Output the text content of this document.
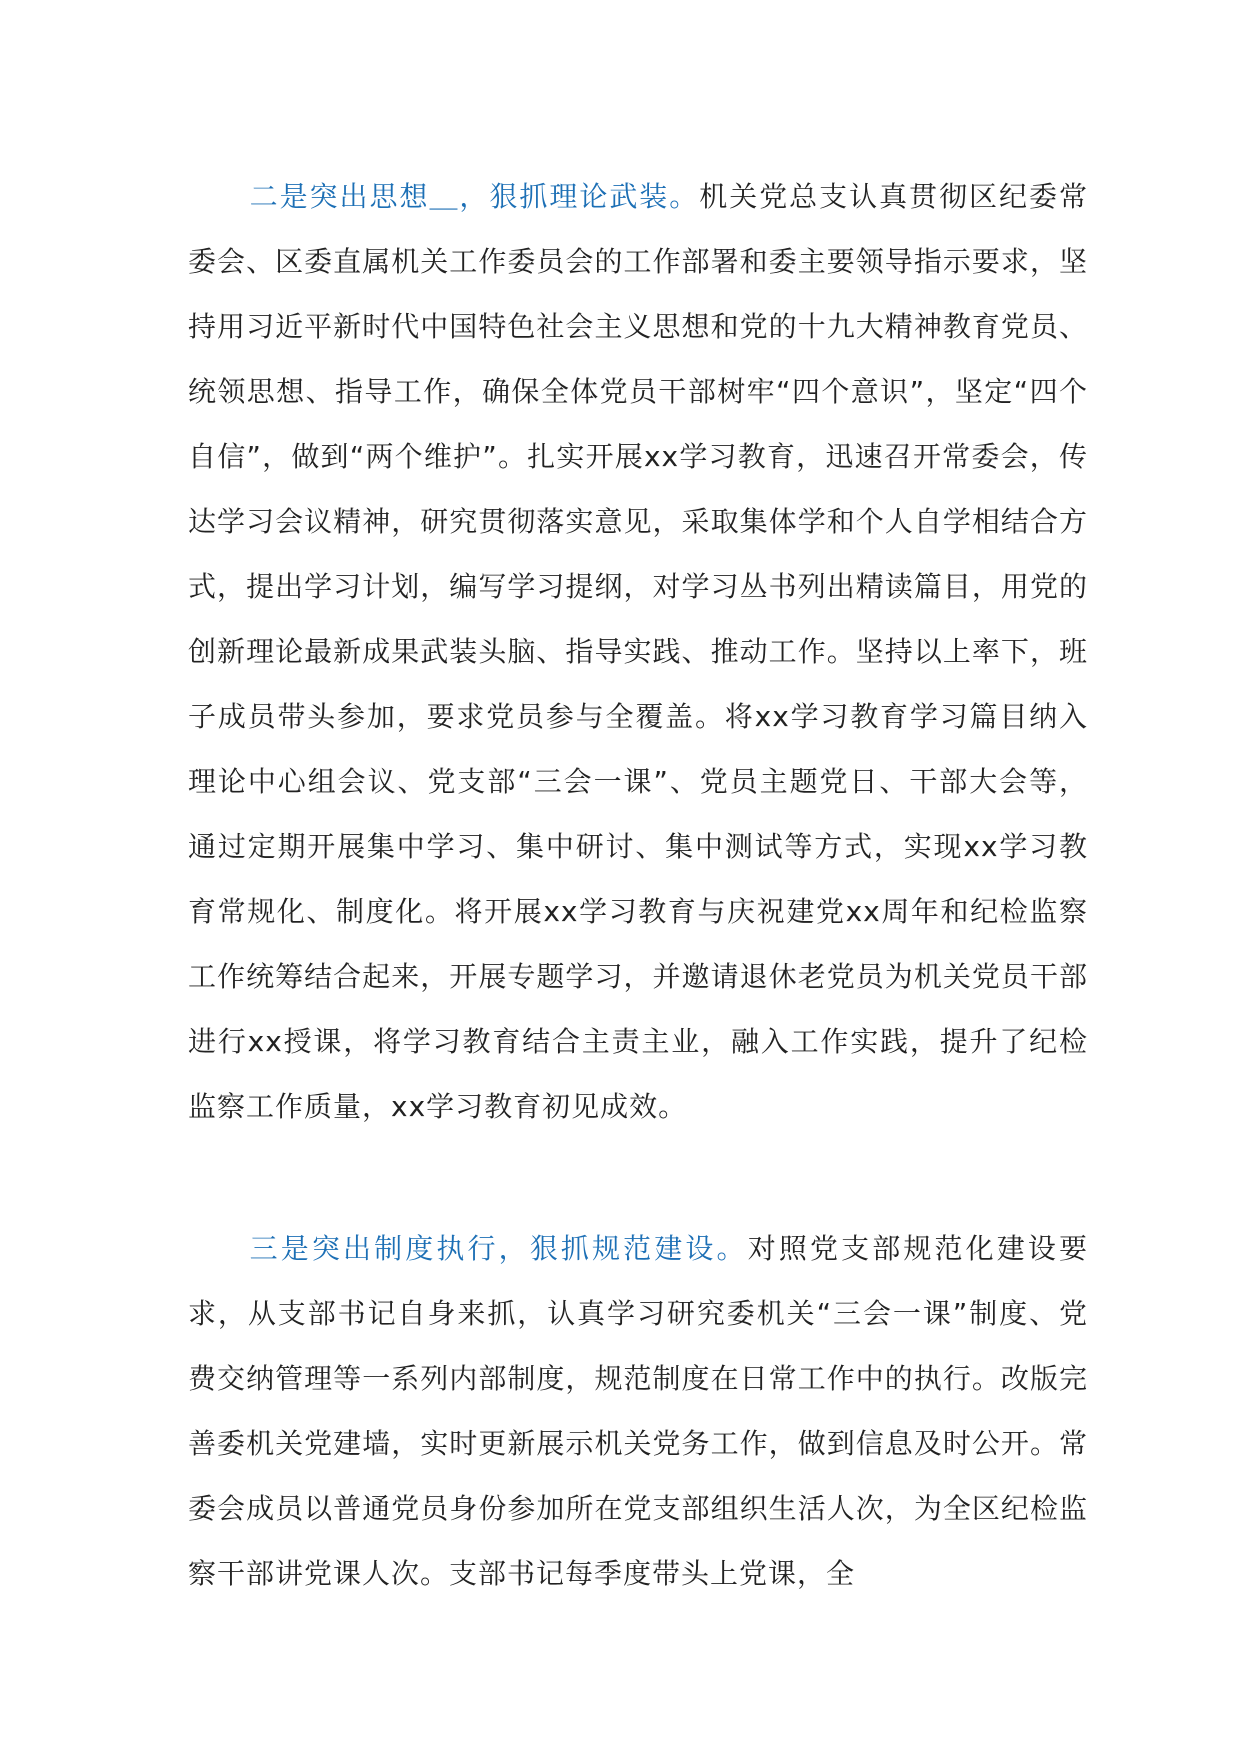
二是突出思想＿，狠抓理论武装。机关党总支认真贯彻区纪委常委会、区委直属机关工作委员会的工作部署和委主要领导指示要求，坚持用习近平新时代中国特色社会主义思想和党的十九大精神教育党员、统领思想、指导工作，确保全体党员干部树牢“四个意识”，坚定“四个自信”，做到“两个维护”。扎实开展xx学习教育，迅速召开常委会，传达学习会议精神，研究贯彻落实意见，采取集体学和个人自学相结合方式，提出学习计划，编写学习提纲，对学习丛书列出精读篇目，用党的创新理论最新成果武装头脑、指导实践、推动工作。坚持以上率下，班子成员带头参加，要求党员参与全覆盖。将xx学习教育学习篇目纳入理论中心组会议、党支部“三会一课”、党员主题党日、干部大会等，通过定期开展集中学习、集中研讨、集中测试等方式，实现xx学习教育常规化、制度化。将开展xx学习教育与庆祝建党xx周年和纪检监察工作统筹结合起来，开展专题学习，并邀请退休老党员为机关党员干部进行xx授课，将学习教育结合主责主业，融入工作实践，提升了纪检监察工作质量，xx学习教育初见成效。

三是突出制度执行，狠抓规范建设。对照党支部规范化建设要求，从支部书记自身来抓，认真学习研究委机关“三会一课”制度、党费交纳管理等一系列内部制度，规范制度在日常工作中的执行。改版完善委机关党建墙，实时更新展示机关党务工作，做到信息及时公开。常委会成员以普通党员身份参加所在党支部组织生活人次，为全区纪检监察干部讲党课人次。支部书记每季度带头上党课，全
